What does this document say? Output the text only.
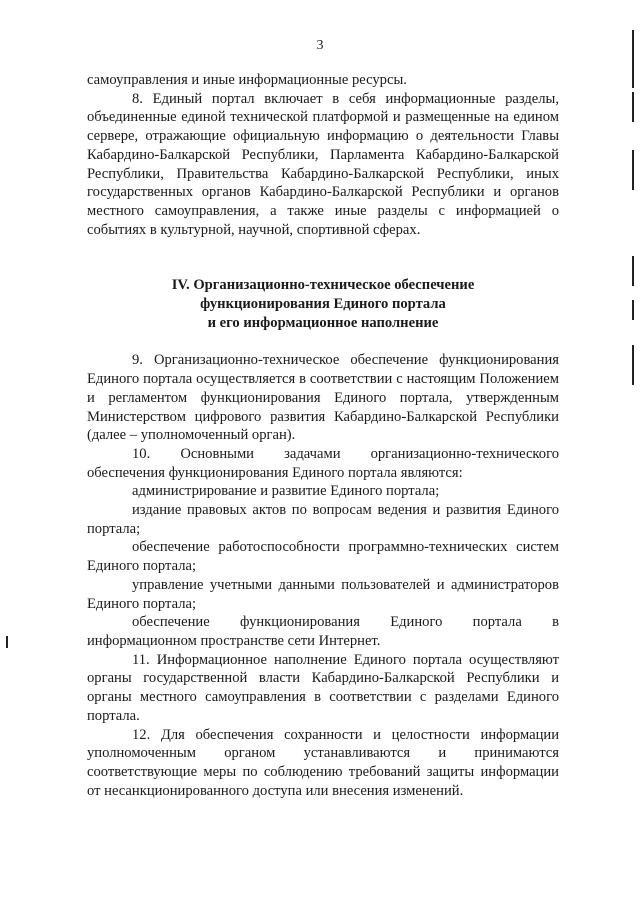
3

самоуправления и иные информационные ресурсы.

8. Единый портал включает в себя информационные разделы, объединенные единой технической платформой и размещенные на едином сервере, отражающие официальную информацию о деятельности Главы Кабардино-Балкарской Республики, Парламента Кабардино-Балкарской Республики, Правительства Кабардино-Балкарской Республики, иных государственных органов Кабардино-Балкарской Республики и органов местного самоуправления, а также иные разделы с информацией о событиях в культурной, научной, спортивной сферах.

IV. Организационно-техническое обеспечение

функционирования Единого портала

и его информационное наполнение

9. Организационно-техническое обеспечение функционирования Единого портала осуществляется в соответствии с настоящим Положением и регламентом функционирования Единого портала, утвержденным Министерством цифрового развития Кабардино-Балкарской Республики (далее – уполномоченный орган).

10. Основными задачами организационно-технического обеспечения функционирования Единого портала являются:

администрирование и развитие Единого портала;

издание правовых актов по вопросам ведения и развития Единого портала;

обеспечение работоспособности программно-технических систем Единого портала;

управление учетными данными пользователей и администраторов Единого портала;

обеспечение функционирования Единого портала в информационном пространстве сети Интернет.

11. Информационное наполнение Единого портала осуществляют органы государственной власти Кабардино-Балкарской Республики и органы местного самоуправления в соответствии с разделами Единого портала.

12. Для обеспечения сохранности и целостности информации уполномоченным органом устанавливаются и принимаются соответствующие меры по соблюдению требований защиты информации от несанкционированного доступа или внесения изменений.
